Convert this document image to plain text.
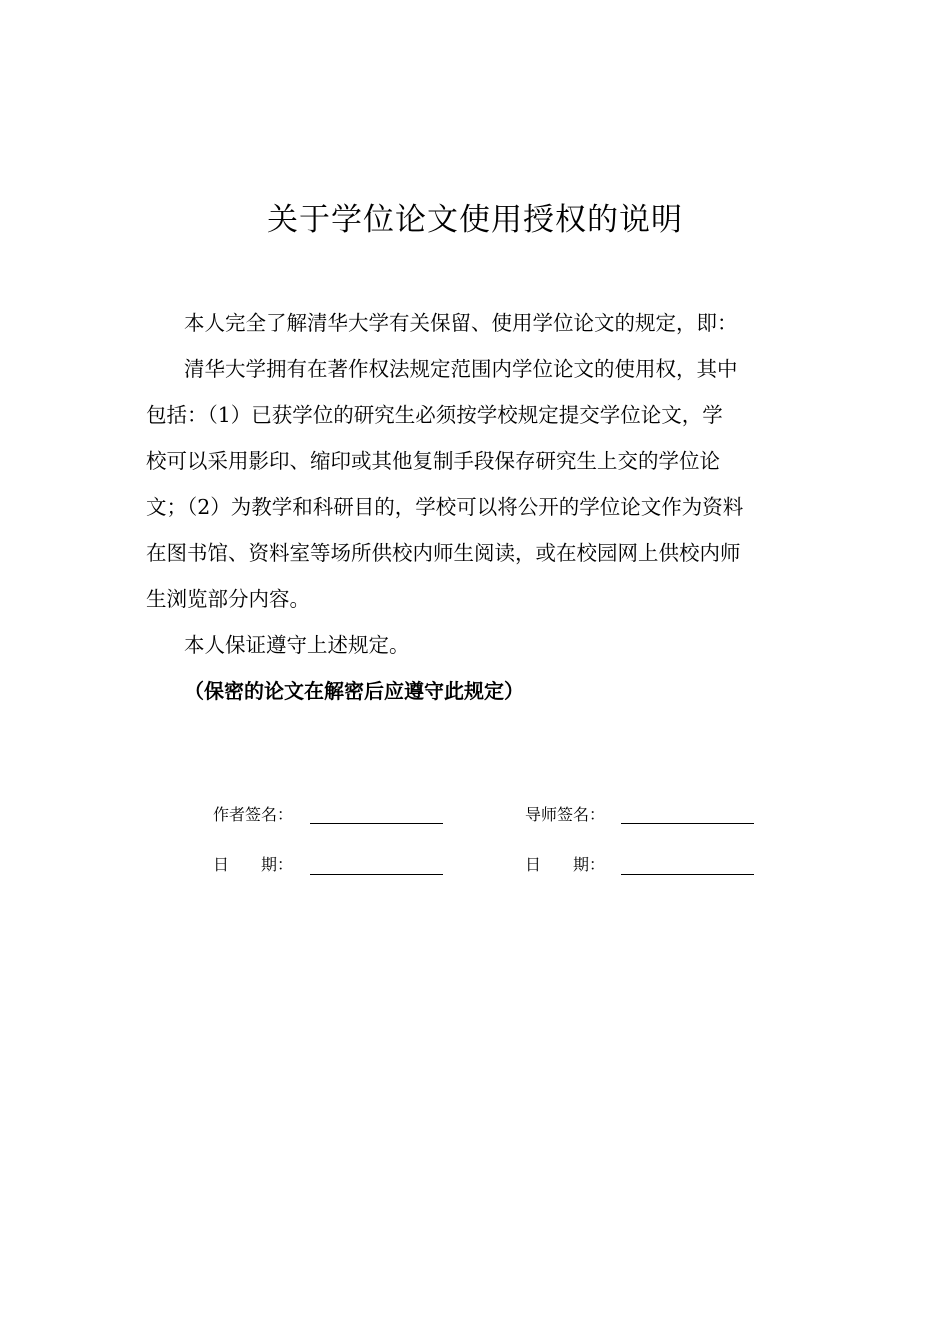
关于学位论文使用授权的说明

本人完全了解清华大学有关保留、使用学位论文的规定，即：

清华大学拥有在著作权法规定范围内学位论文的使用权，其中

包括：（1）已获学位的研究生必须按学校规定提交学位论文，学

校可以采用影印、缩印或其他复制手段保存研究生上交的学位论

文；（2）为教学和科研目的，学校可以将公开的学位论文作为资料

在图书馆、资料室等场所供校内师生阅读，或在校园网上供校内师

生浏览部分内容。

本人保证遵守上述规定。

（保密的论文在解密后应遵守此规定）

作者签名：	导师签名：
日　　期：	日　　期：
